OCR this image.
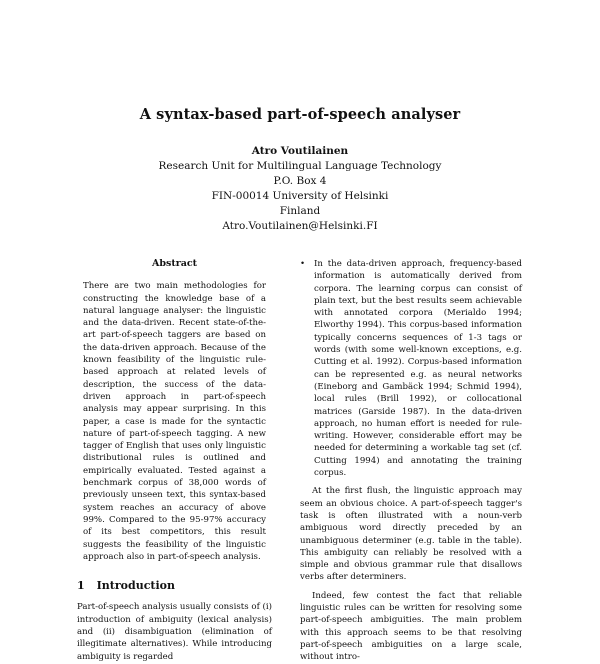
A syntax-based part-of-speech analyser
Atro Voutilainen
Research Unit for Multilingual Language Technology
P.O. Box 4
FIN-00014 University of Helsinki
Finland
Atro.Voutilainen@Helsinki.FI
Abstract

There are two main methodologies for constructing the knowledge base of a natural language analyser: the linguistic and the data-driven. Recent state-of-the-art part-of-speech taggers are based on the data-driven approach. Because of the known feasibility of the linguistic rule-based approach at related levels of description, the success of the data-driven approach in part-of-speech analysis may appear surprising. In this paper, a case is made for the syntactic nature of part-of-speech tagging. A new tagger of English that uses only linguistic distributional rules is outlined and empirically evaluated. Tested against a benchmark corpus of 38,000 words of previously unseen text, this syntax-based system reaches an accuracy of above 99%. Compared to the 95-97% accuracy of its best competitors, this result suggests the feasibility of the linguistic approach also in part-of-speech analysis.

1 Introduction

Part-of-speech analysis usually consists of (i) introduction of ambiguity (lexical analysis) and (ii) disambiguation (elimination of illegitimate alternatives). While introducing ambiguity is regarded

• In the data-driven approach, frequency-based information is automatically derived from corpora. The learning corpus can consist of plain text, but the best results seem achievable with annotated corpora (Merialdo 1994; Elworthy 1994). This corpus-based information typically concerns sequences of 1-3 tags or words (with some well-known exceptions, e.g. Cutting et al. 1992). Corpus-based information can be represented e.g. as neural networks (Eineborg and Gambäck 1994; Schmid 1994), local rules (Brill 1992), or collocational matrices (Garside 1987). In the data-driven approach, no human effort is needed for rule-writing. However, considerable effort may be needed for determining a workable tag set (cf. Cutting 1994) and annotating the training corpus.

At the first flush, the linguistic approach may seem an obvious choice. A part-of-speech tagger's task is often illustrated with a noun-verb ambiguous word directly preceded by an unambiguous determiner (e.g. table in the table). This ambiguity can reliably be resolved with a simple and obvious grammar rule that disallows verbs after determiners.

Indeed, few contest the fact that reliable linguistic rules can be written for resolving some part-of-speech ambiguities. The main problem with this approach seems to be that resolving part-of-speech ambiguities on a large scale, without intro-
